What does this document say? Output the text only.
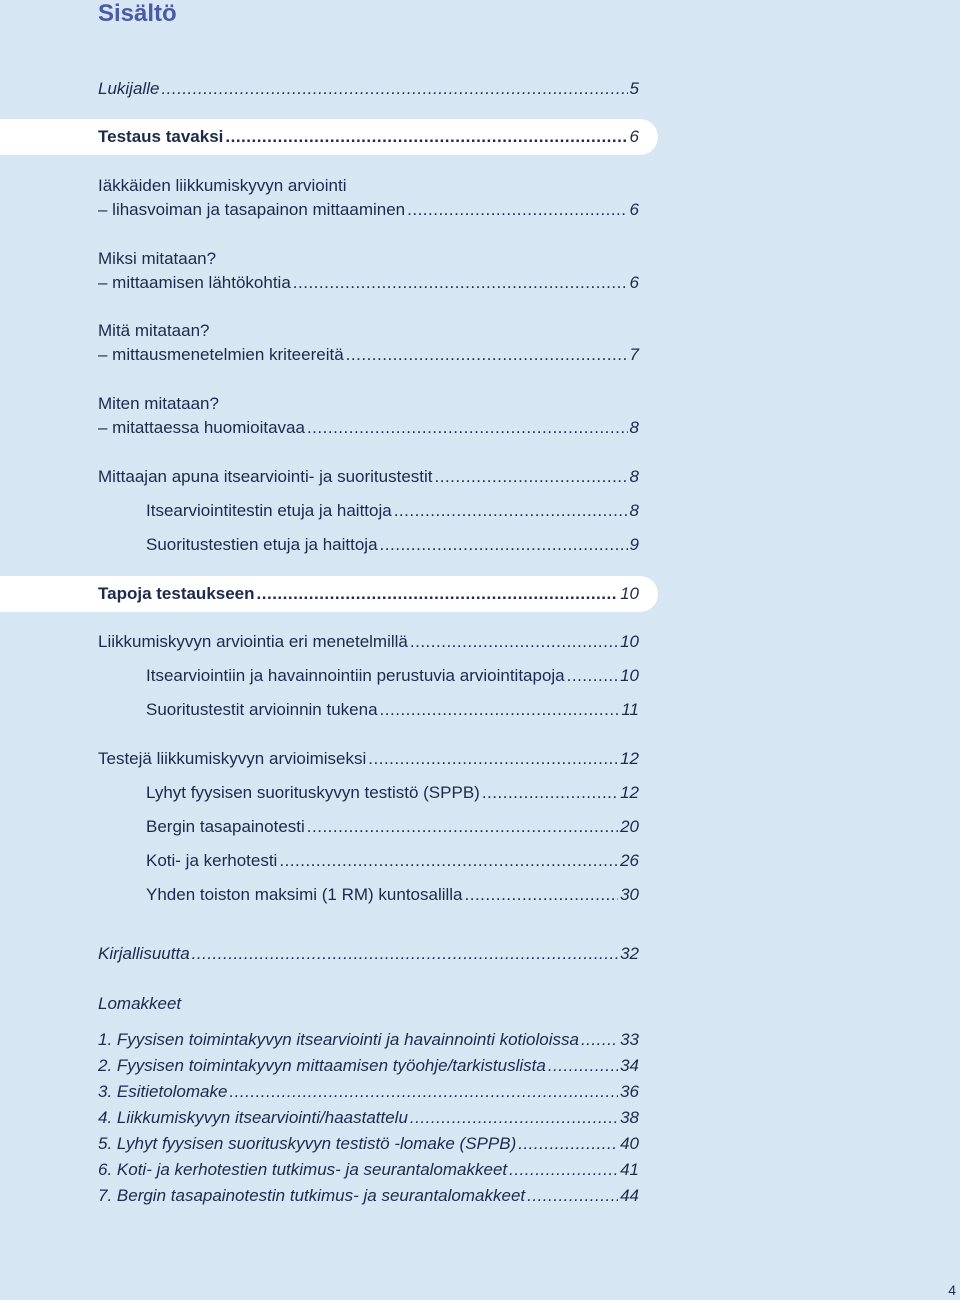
Sisältö
Lukijalle .....	5
Testaus tavaksi .....	6
Iäkkäiden liikkumiskyvyn arviointi
– lihasvoiman ja tasapainon mittaaminen .....	6
Miksi mitataan?
– mittaamisen lähtökohtia .....	6
Mitä mitataan?
– mittausmenetelmien kriteereitä .....	7
Miten mitataan?
– mitattaessa huomioitavaa .....	8
Mittaajan apuna itsearviointi- ja suoritustestit .....	8
Itsearviointitestin etuja ja haittoja .....	8
Suoritustestien etuja ja haittoja .....	9
Tapoja testaukseen .....	10
Liikkumiskyvyn arviointia eri menetelmillä .....	10
Itsearviointiin ja havainnointiin perustuvia arviointitapoja .....	10
Suoritustestit arvioinnin tukena .....	11
Testejä liikkumiskyvyn arvioimiseksi .....	12
Lyhyt fyysisen suorituskyvyn testistö (SPPB) .....	12
Bergin tasapainotesti .....	20
Koti- ja kerhotesti .....	26
Yhden toiston maksimi (1 RM) kuntosalilla .....	30
Kirjallisuutta .....	32
Lomakkeet
1. Fyysisen toimintakyvyn itsearviointi ja havainnointi kotioloissa ..... 33
2. Fyysisen toimintakyvyn mittaamisen työohje/tarkistuslista .....	34
3. Esitietolomake .....	36
4. Liikkumiskyvyn itsearviointi/haastattelu .....	38
5. Lyhyt fyysisen suorituskyvyn testistö -lomake (SPPB) .....	40
6. Koti- ja kerhotestien tutkimus- ja seurantalomakkeet .....	41
7. Bergin tasapainotestin tutkimus- ja seurantalomakkeet .....	44
4
